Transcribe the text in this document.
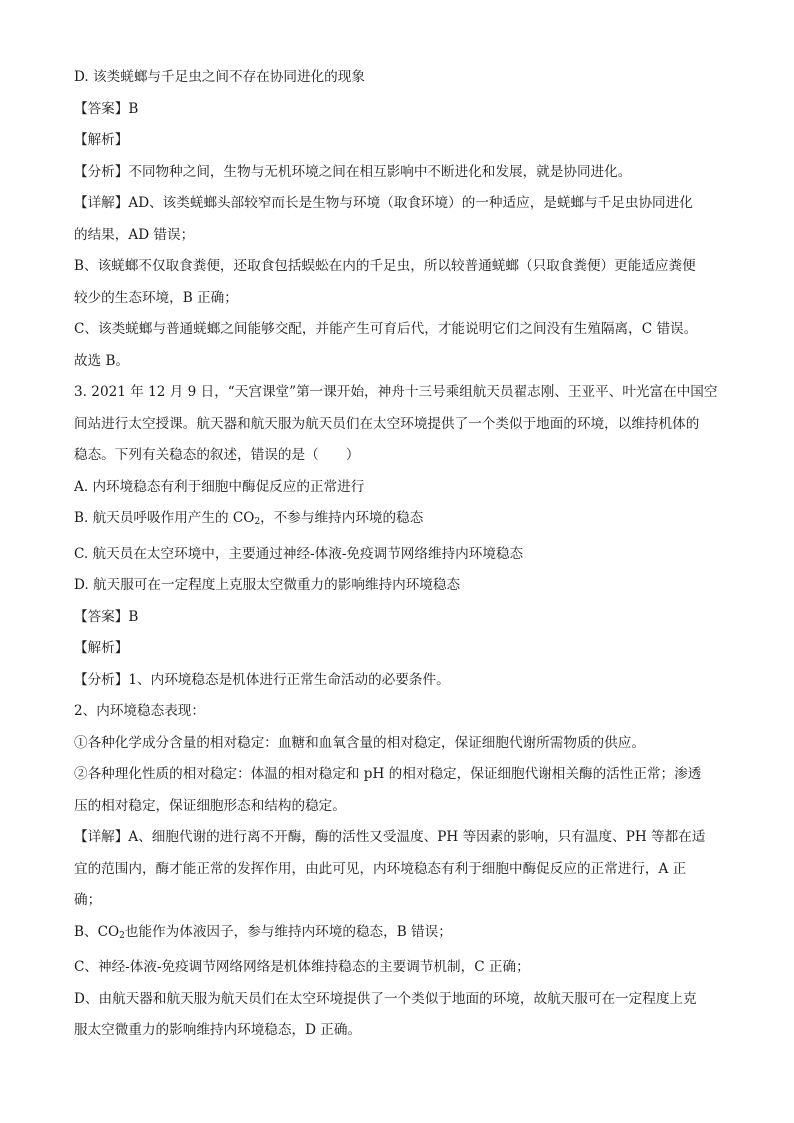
D. 该类蜣螂与千足虫之间不存在协同进化的现象

【答案】B

【解析】

【分析】不同物种之间，生物与无机环境之间在相互影响中不断进化和发展，就是协同进化。

【详解】AD、该类蜣螂头部较窄而长是生物与环境（取食环境）的一种适应，是蜣螂与千足虫协同进化

的结果，AD 错误；

B、该蜣螂不仅取食粪便，还取食包括蜈蚣在内的千足虫，所以较普通蜣螂（只取食粪便）更能适应粪便

较少的生态环境，B 正确；

C、该类蜣螂与普通蜣螂之间能够交配，并能产生可育后代，才能说明它们之间没有生殖隔离，C 错误。

故选 B。

3. 2021 年 12 月 9 日，“天宫课堂”第一课开始，神舟十三号乘组航天员翟志刚、王亚平、叶光富在中国空

间站进行太空授课。航天器和航天服为航天员们在太空环境提供了一个类似于地面的环境，以维持机体的

稳态。下列有关稳态的叙述，错误的是（　　）

A. 内环境稳态有利于细胞中酶促反应的正常进行

B. 航天员呼吸作用产生的 $CO_2$，不参与维持内环境的稳态

C. 航天员在太空环境中，主要通过神经-体液-免疫调节网络维持内环境稳态

D. 航天服可在一定程度上克服太空微重力的影响维持内环境稳态

【答案】B

【解析】

【分析】1、内环境稳态是机体进行正常生命活动的必要条件。

2、内环境稳态表现：

①各种化学成分含量的相对稳定：血糖和血氧含量的相对稳定，保证细胞代谢所需物质的供应。

②各种理化性质的相对稳定：体温的相对稳定和 pH 的相对稳定，保证细胞代谢相关酶的活性正常；渗透

压的相对稳定，保证细胞形态和结构的稳定。

【详解】A、细胞代谢的进行离不开酶，酶的活性又受温度、PH 等因素的影响，只有温度、PH 等都在适

宜的范围内，酶才能正常的发挥作用，由此可见，内环境稳态有利于细胞中酶促反应的正常进行，A 正

确；

B、$CO_2$也能作为体液因子，参与维持内环境的稳态，B 错误；

C、神经-体液-免疫调节网络网络是机体维持稳态的主要调节机制，C 正确；

D、由航天器和航天服为航天员们在太空环境提供了一个类似于地面的环境，故航天服可在一定程度上克

服太空微重力的影响维持内环境稳态，D 正确。
